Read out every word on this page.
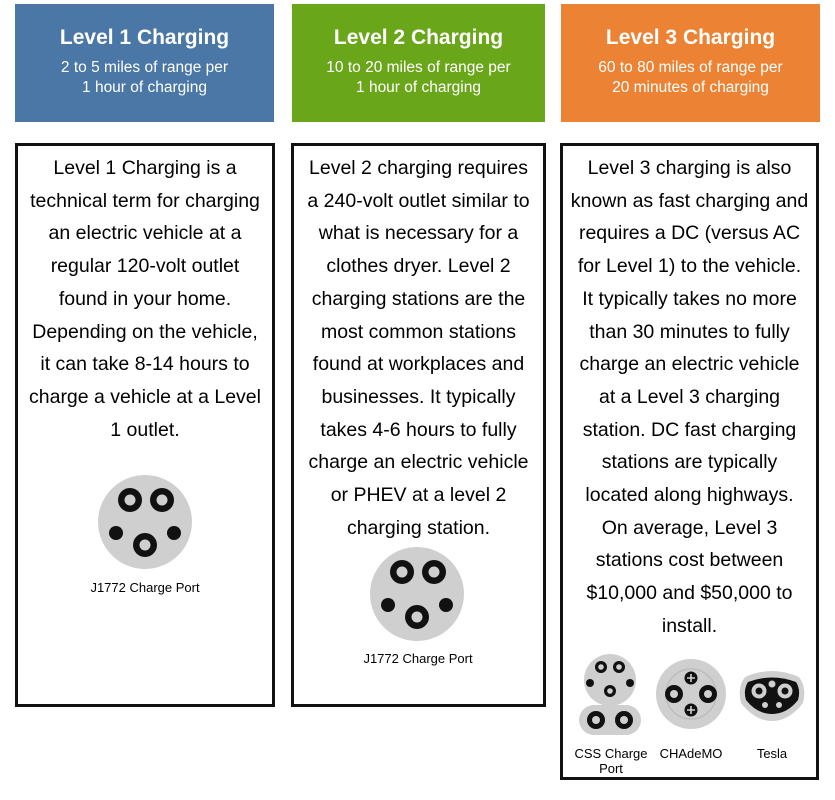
Level 1 Charging
2 to 5 miles of range per
1 hour of charging
Level 2 Charging
10 to 20 miles of range per
1 hour of charging
Level 3 Charging
60 to 80 miles of range per
20 minutes of charging
Level 1 Charging is a
technical term for charging
an electric vehicle at a
regular 120-volt outlet
found in your home.
Depending on the vehicle,
it can take 8-14 hours to
charge a vehicle at a Level
1 outlet.
J1772 Charge Port
Level 2 charging requires
a 240-volt outlet similar to
what is necessary for a
clothes dryer. Level 2
charging stations are the
most common stations
found at workplaces and
businesses. It typically
takes 4-6 hours to fully
charge an electric vehicle
or PHEV at a level 2
charging station.
J1772 Charge Port
Level 3 charging is also
known as fast charging and
requires a DC (versus AC
for Level 1) to the vehicle.
It typically takes no more
than 30 minutes to fully
charge an electric vehicle
at a Level 3 charging
station. DC fast charging
stations are typically
located along highways.
On average, Level 3
stations cost between
$10,000 and $50,000 to
install.
CSS Charge
Port
CHAdeMO	Tesla
